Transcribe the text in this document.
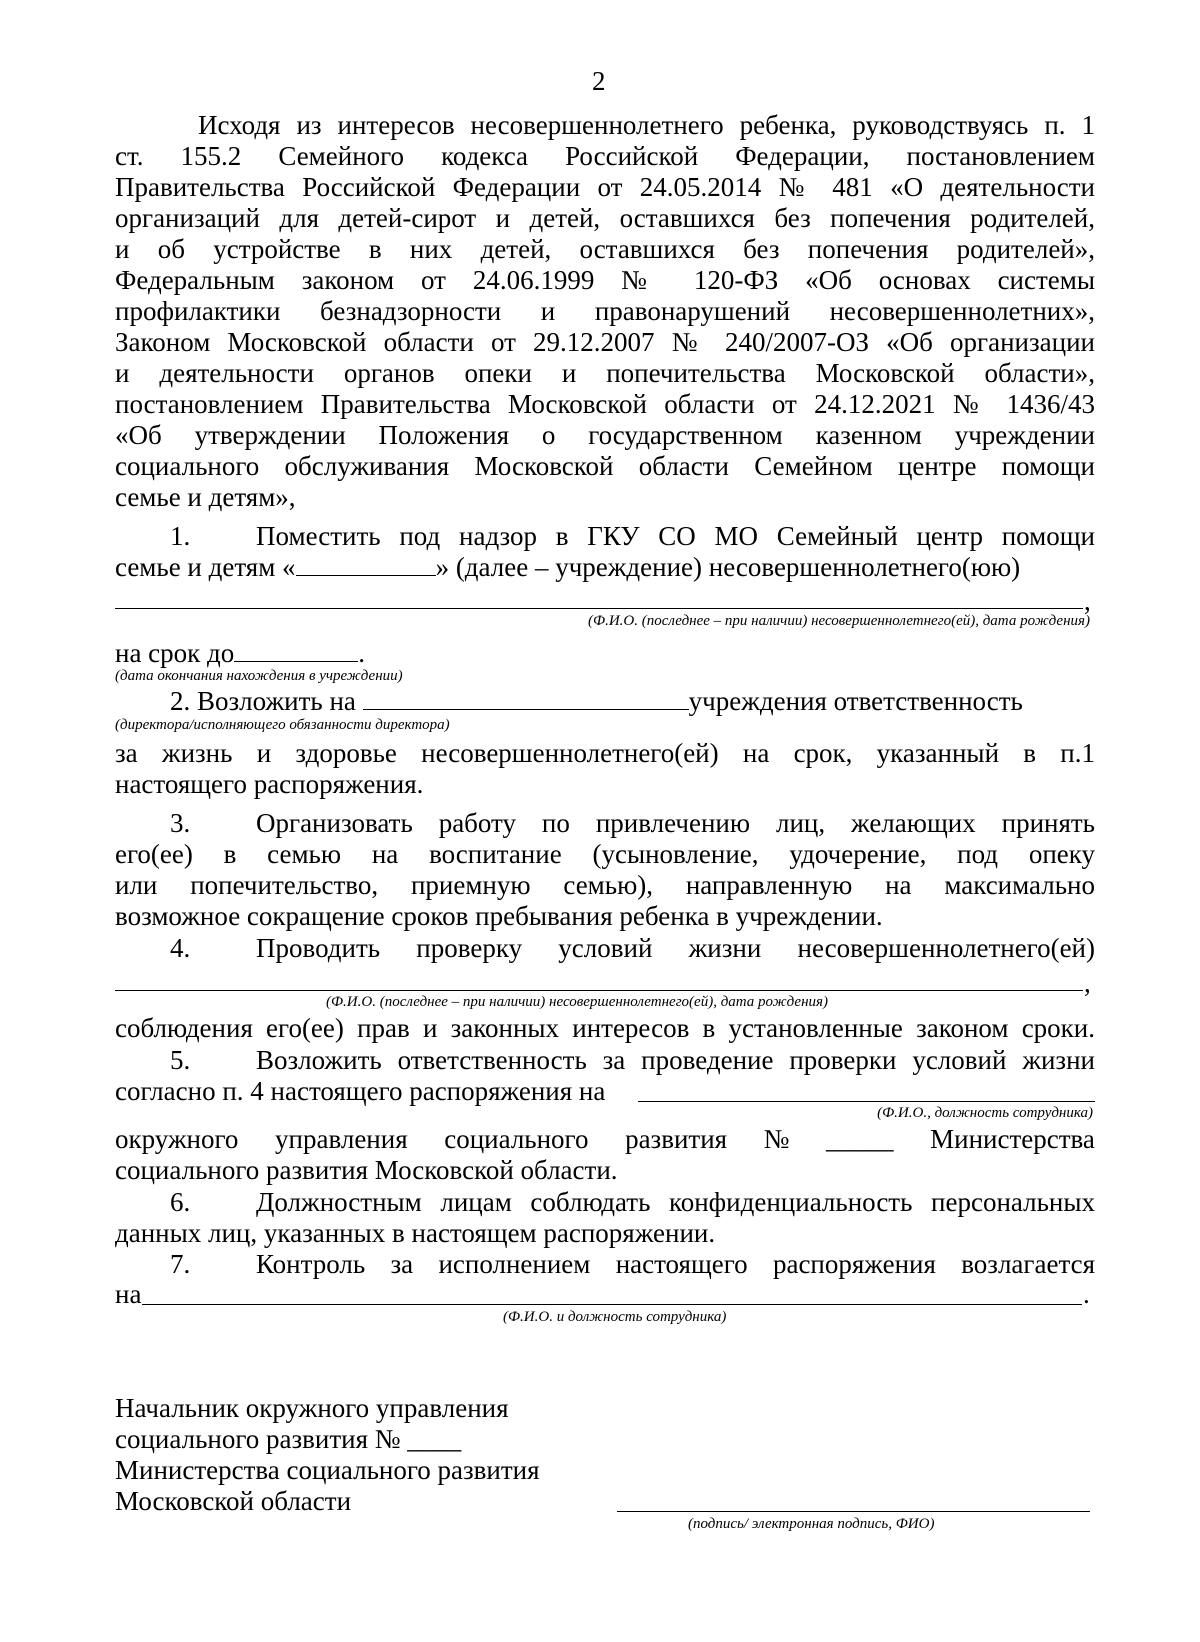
2
Исходя из интересов несовершеннолетнего ребенка, руководствуясь п. 1
ст. 155.2 Семейного кодекса Российской Федерации, постановлением
Правительства Российской Федерации от 24.05.2014 № 481 «О деятельности
организаций для детей-сирот и детей, оставшихся без попечения родителей,
и об устройстве в них детей, оставшихся без попечения родителей»,
Федеральным законом от 24.06.1999 № 120-ФЗ «Об основах системы
профилактики безнадзорности и правонарушений несовершеннолетних»,
Законом Московской области от 29.12.2007 № 240/2007-ОЗ «Об организации
и деятельности органов опеки и попечительства Московской области»,
постановлением Правительства Московской области от 24.12.2021 № 1436/43
«Об утверждении Положения о государственном казенном учреждении
социального обслуживания Московской области Семейном центре помощи
семье и детям»,
1. Поместить под надзор в ГКУ СО МО Семейный центр помощи
семье и детям «	» (далее – учреждение) несовершеннолетнего(юю)
,
(Ф.И.О. (последнее – при наличии) несовершеннолетнего(ей), дата рождения)
на срок до	.
(дата окончания нахождения в учреждении)
2. Возложить на	учреждения ответственность
(директора/исполняющего обязанности директора)
за жизнь и здоровье несовершеннолетнего(ей) на срок, указанный в п.1
настоящего распоряжения.
3. Организовать работу по привлечению лиц, желающих принять
его(ее) в семью на воспитание (усыновление, удочерение, под опеку
или попечительство, приемную семью), направленную на максимально
возможное сокращение сроков пребывания ребенка в учреждении.
4. Проводить проверку условий жизни несовершеннолетнего(ей)
,
(Ф.И.О. (последнее – при наличии) несовершеннолетнего(ей), дата рождения)
соблюдения его(ее) прав и законных интересов в установленные законом сроки.
5. Возложить ответственность за проведение проверки условий жизни
согласно п. 4 настоящего распоряжения на
(Ф.И.О., должность сотрудника)
окружного управления социального развития № _____ Министерства
социального развития Московской области.
6. Должностным лицам соблюдать конфиденциальность персональных
данных лиц, указанных в настоящем распоряжении.
7. Контроль за исполнением настоящего распоряжения возлагается
на	.
(Ф.И.О. и должность сотрудника)
Начальник окружного управления
социального развития № ____
Министерства социального развития
Московской области
(подпись/ электронная подпись, ФИО)
